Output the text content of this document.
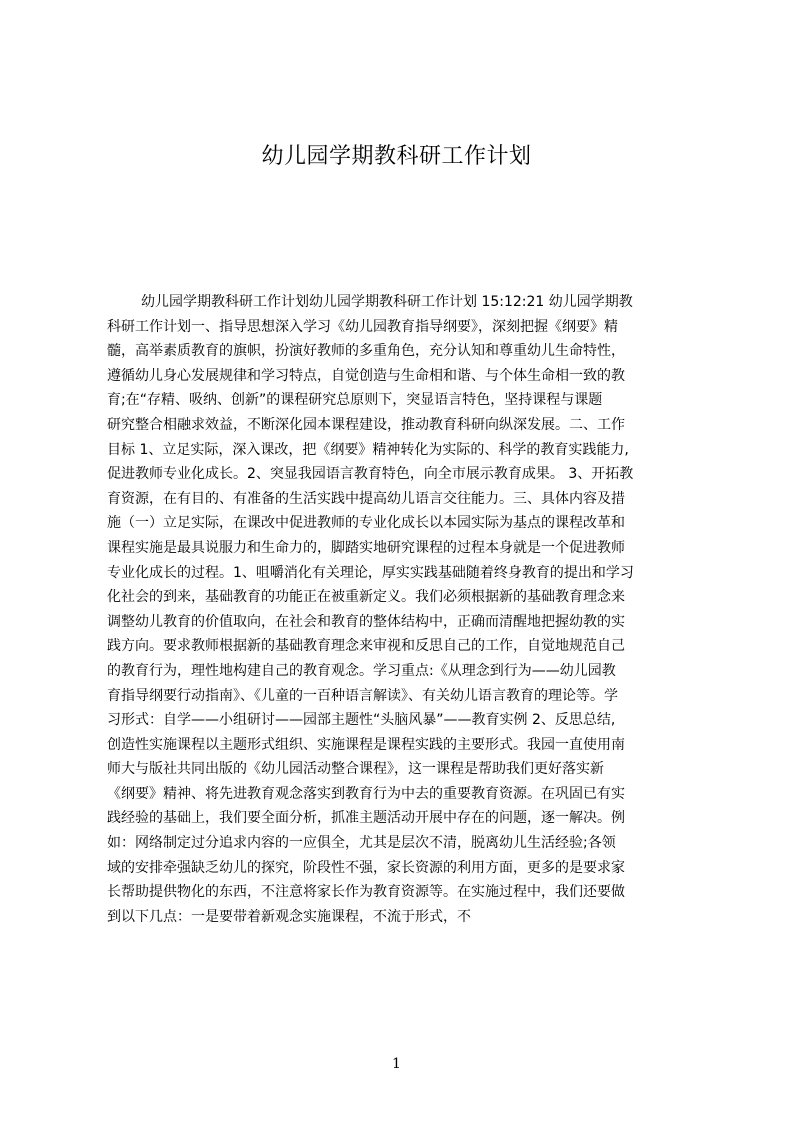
幼儿园学期教科研工作计划
幼儿园学期教科研工作计划幼儿园学期教科研工作计划 15:12:21 幼儿园学期教
科研工作计划一、指导思想深入学习《幼儿园教育指导纲要》，深刻把握《纲要》精
髓，高举素质教育的旗帜，扮演好教师的多重角色，充分认知和尊重幼儿生命特性，
遵循幼儿身心发展规律和学习特点，自觉创造与生命相和谐、与个体生命相一致的教
育;在“存精、吸纳、创新”的课程研究总原则下，突显语言特色，坚持课程与课题
研究整合相融求效益，不断深化园本课程建设，推动教育科研向纵深发展。二、工作
目标 1、立足实际，深入课改，把《纲要》精神转化为实际的、科学的教育实践能力,
促进教师专业化成长。2、突显我园语言教育特色，向全市展示教育成果。 3、开拓教
育资源，在有目的、有准备的生活实践中提高幼儿语言交往能力。三、具体内容及措
施（一）立足实际，在课改中促进教师的专业化成长以本园实际为基点的课程改革和
课程实施是最具说服力和生命力的，脚踏实地研究课程的过程本身就是一个促进教师
专业化成长的过程。1、咀嚼消化有关理论，厚实实践基础随着终身教育的提出和学习
化社会的到来，基础教育的功能正在被重新定义。我们必须根据新的基础教育理念来
调整幼儿教育的价值取向，在社会和教育的整体结构中，正确而清醒地把握幼教的实
践方向。要求教师根据新的基础教育理念来审视和反思自己的工作，自觉地规范自己
的教育行为，理性地构建自己的教育观念。学习重点:《从理念到行为——幼儿园教
育指导纲要行动指南》、《儿童的一百种语言解读》、有关幼儿语言教育的理论等。学
习形式：自学——小组研讨——园部主题性“头脑风暴”——教育实例 2、反思总结,
创造性实施课程以主题形式组织、实施课程是课程实践的主要形式。我园一直使用南
师大与版社共同出版的《幼儿园活动整合课程》，这一课程是帮助我们更好落实新
《纲要》精神、将先进教育观念落实到教育行为中去的重要教育资源。在巩固已有实
践经验的基础上，我们要全面分析，抓准主题活动开展中存在的问题，逐一解决。例
如：网络制定过分追求内容的一应俱全，尤其是层次不清，脱离幼儿生活经验;各领
域的安排牵强缺乏幼儿的探究，阶段性不强，家长资源的利用方面，更多的是要求家
长帮助提供物化的东西，不注意将家长作为教育资源等。在实施过程中，我们还要做
到以下几点：一是要带着新观念实施课程，不流于形式，不
1
